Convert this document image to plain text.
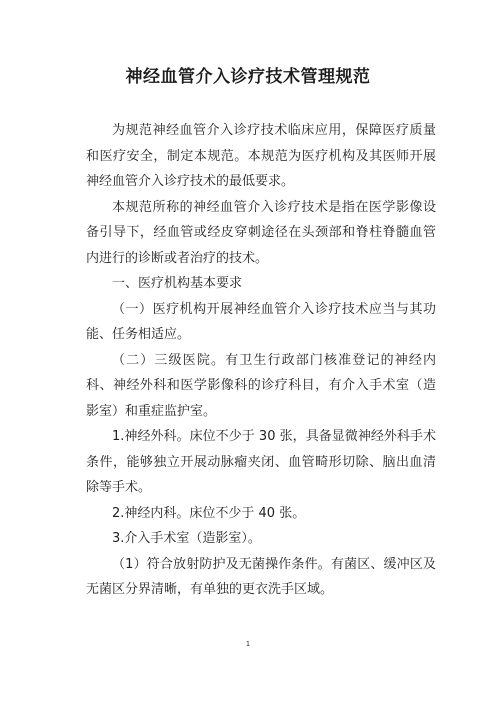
神经血管介入诊疗技术管理规范

为规范神经血管介入诊疗技术临床应用，保障医疗质量和医疗安全，制定本规范。本规范为医疗机构及其医师开展神经血管介入诊疗技术的最低要求。

本规范所称的神经血管介入诊疗技术是指在医学影像设备引导下，经血管或经皮穿刺途径在头颈部和脊柱脊髓血管内进行的诊断或者治疗的技术。

一、医疗机构基本要求

（一）医疗机构开展神经血管介入诊疗技术应当与其功能、任务相适应。

（二）三级医院。有卫生行政部门核准登记的神经内科、神经外科和医学影像科的诊疗科目，有介入手术室（造影室）和重症监护室。

1.神经外科。床位不少于 30 张，具备显微神经外科手术条件，能够独立开展动脉瘤夹闭、血管畸形切除、脑出血清除等手术。

2.神经内科。床位不少于 40 张。

3.介入手术室（造影室）。

（1）符合放射防护及无菌操作条件。有菌区、缓冲区及无菌区分界清晰，有单独的更衣洗手区域。

1
